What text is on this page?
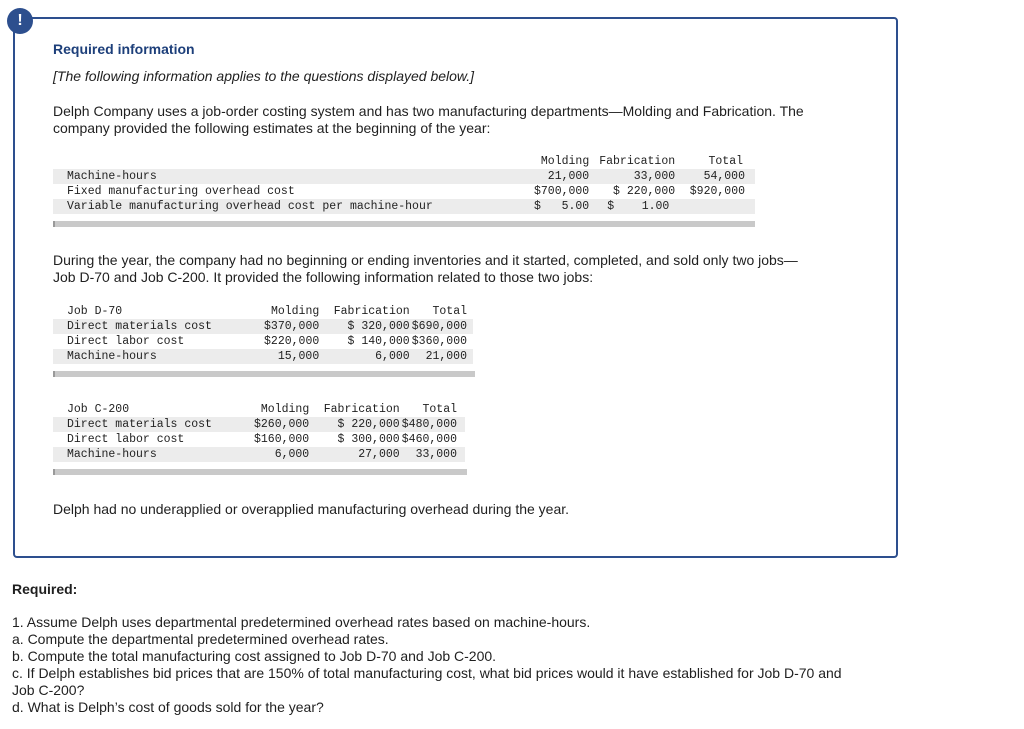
!
Required information
[The following information applies to the questions displayed below.]
Delph Company uses a job-order costing system and has two manufacturing departments—Molding and Fabrication. The
company provided the following estimates at the beginning of the year:
	Molding	Fabrication	Total
Machine-hours	21,000	33,000	54,000
Fixed manufacturing overhead cost	$700,000	$ 220,000	$920,000
Variable manufacturing overhead cost per machine-hour	$   5.00	$    1.00	
During the year, the company had no beginning or ending inventories and it started, completed, and sold only two jobs—
Job D-70 and Job C-200. It provided the following information related to those two jobs:
Job D-70	Molding	Fabrication	Total
Direct materials cost	$370,000	$ 320,000	$690,000
Direct labor cost	$220,000	$ 140,000	$360,000
Machine-hours	15,000	6,000	21,000
Job C-200	Molding	Fabrication	Total
Direct materials cost	$260,000	$ 220,000	$480,000
Direct labor cost	$160,000	$ 300,000	$460,000
Machine-hours	6,000	27,000	33,000
Delph had no underapplied or overapplied manufacturing overhead during the year.
Required:
1. Assume Delph uses departmental predetermined overhead rates based on machine-hours.
a. Compute the departmental predetermined overhead rates.
b. Compute the total manufacturing cost assigned to Job D-70 and Job C-200.
c. If Delph establishes bid prices that are 150% of total manufacturing cost, what bid prices would it have established for Job D-70 and
Job C-200?
d. What is Delph’s cost of goods sold for the year?
